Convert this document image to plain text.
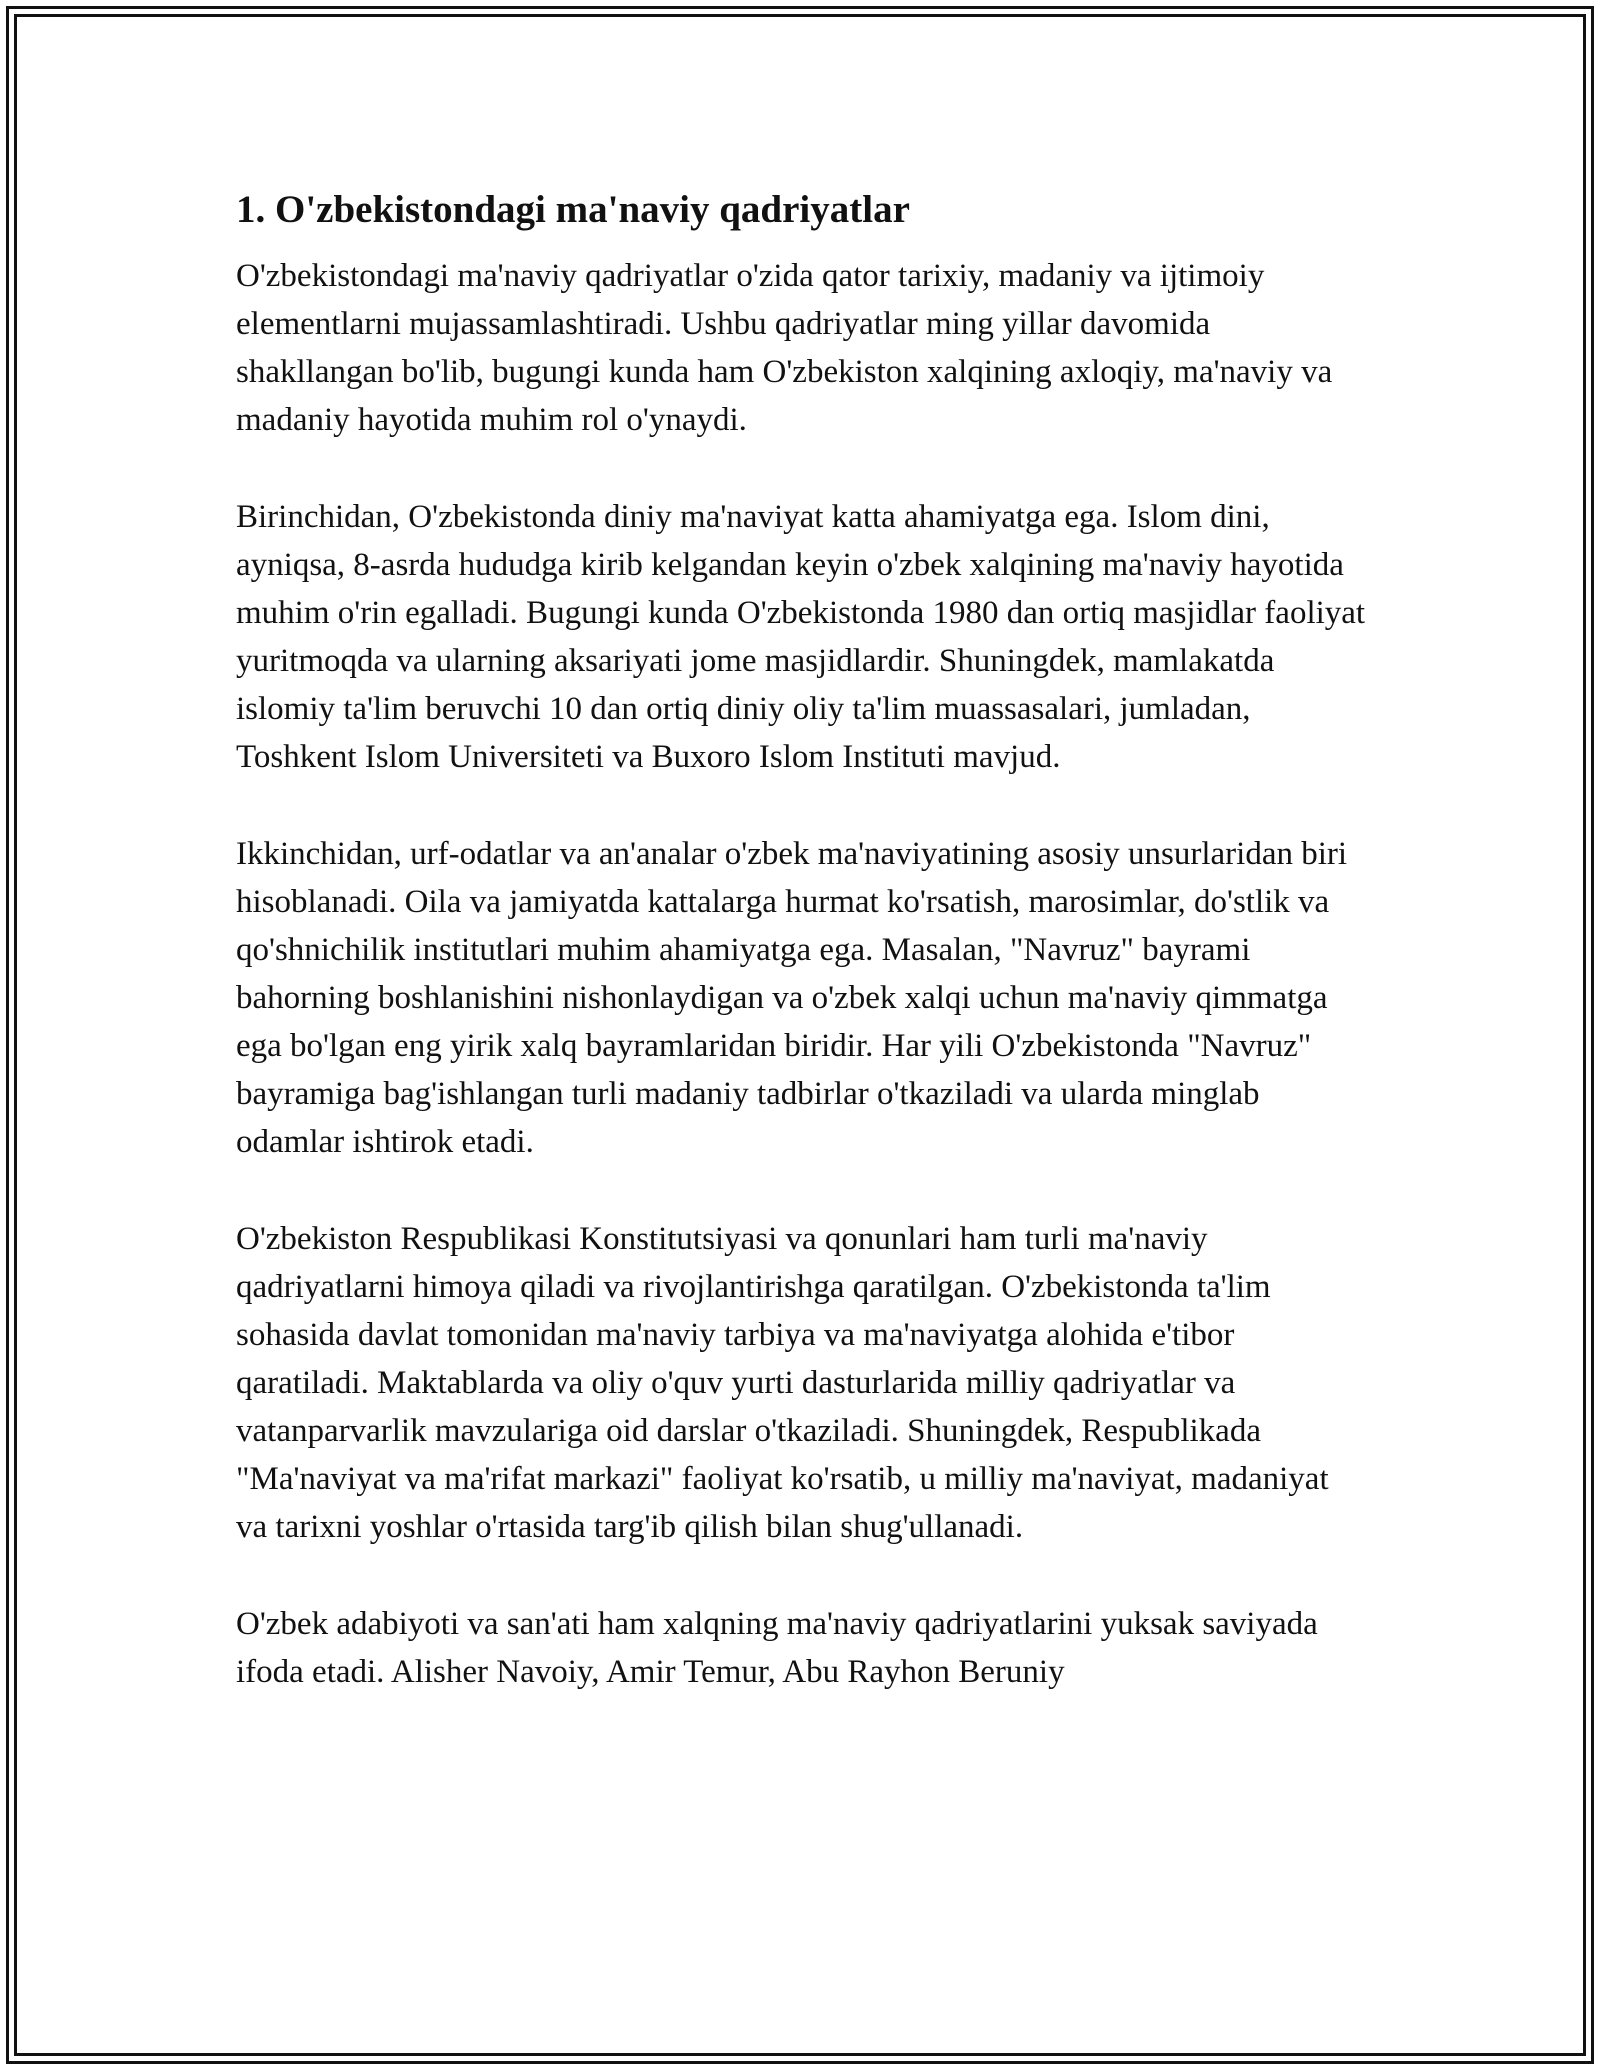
1. O'zbekistondagi ma'naviy qadriyatlar

O'zbekistondagi ma'naviy qadriyatlar o'zida qator tarixiy, madaniy va ijtimoiy elementlarni mujassamlashtiradi. Ushbu qadriyatlar ming yillar davomida shakllangan bo'lib, bugungi kunda ham O'zbekiston xalqining axloqiy, ma'naviy va madaniy hayotida muhim rol o'ynaydi.

Birinchidan, O'zbekistonda diniy ma'naviyat katta ahamiyatga ega. Islom dini, ayniqsa, 8-asrda hududga kirib kelgandan keyin o'zbek xalqining ma'naviy hayotida muhim o'rin egalladi. Bugungi kunda O'zbekistonda 1980 dan ortiq masjidlar faoliyat yuritmoqda va ularning aksariyati jome masjidlardir. Shuningdek, mamlakatda islomiy ta'lim beruvchi 10 dan ortiq diniy oliy ta'lim muassasalari, jumladan, Toshkent Islom Universiteti va Buxoro Islom Instituti mavjud.

Ikkinchidan, urf-odatlar va an'analar o'zbek ma'naviyatining asosiy unsurlaridan biri hisoblanadi. Oila va jamiyatda kattalarga hurmat ko'rsatish, marosimlar, do'stlik va qo'shnichilik institutlari muhim ahamiyatga ega. Masalan, "Navruz" bayrami bahorning boshlanishini nishonlaydigan va o'zbek xalqi uchun ma'naviy qimmatga ega bo'lgan eng yirik xalq bayramlaridan biridir. Har yili O'zbekistonda "Navruz" bayramiga bag'ishlangan turli madaniy tadbirlar o'tkaziladi va ularda minglab odamlar ishtirok etadi.

O'zbekiston Respublikasi Konstitutsiyasi va qonunlari ham turli ma'naviy qadriyatlarni himoya qiladi va rivojlantirishga qaratilgan. O'zbekistonda ta'lim sohasida davlat tomonidan ma'naviy tarbiya va ma'naviyatga alohida e'tibor qaratiladi. Maktablarda va oliy o'quv yurti dasturlarida milliy qadriyatlar va vatanparvarlik mavzulariga oid darslar o'tkaziladi. Shuningdek, Respublikada "Ma'naviyat va ma'rifat markazi" faoliyat ko'rsatib, u milliy ma'naviyat, madaniyat va tarixni yoshlar o'rtasida targ'ib qilish bilan shug'ullanadi.

O'zbek adabiyoti va san'ati ham xalqning ma'naviy qadriyatlarini yuksak saviyada ifoda etadi. Alisher Navoiy, Amir Temur, Abu Rayhon Beruniy
